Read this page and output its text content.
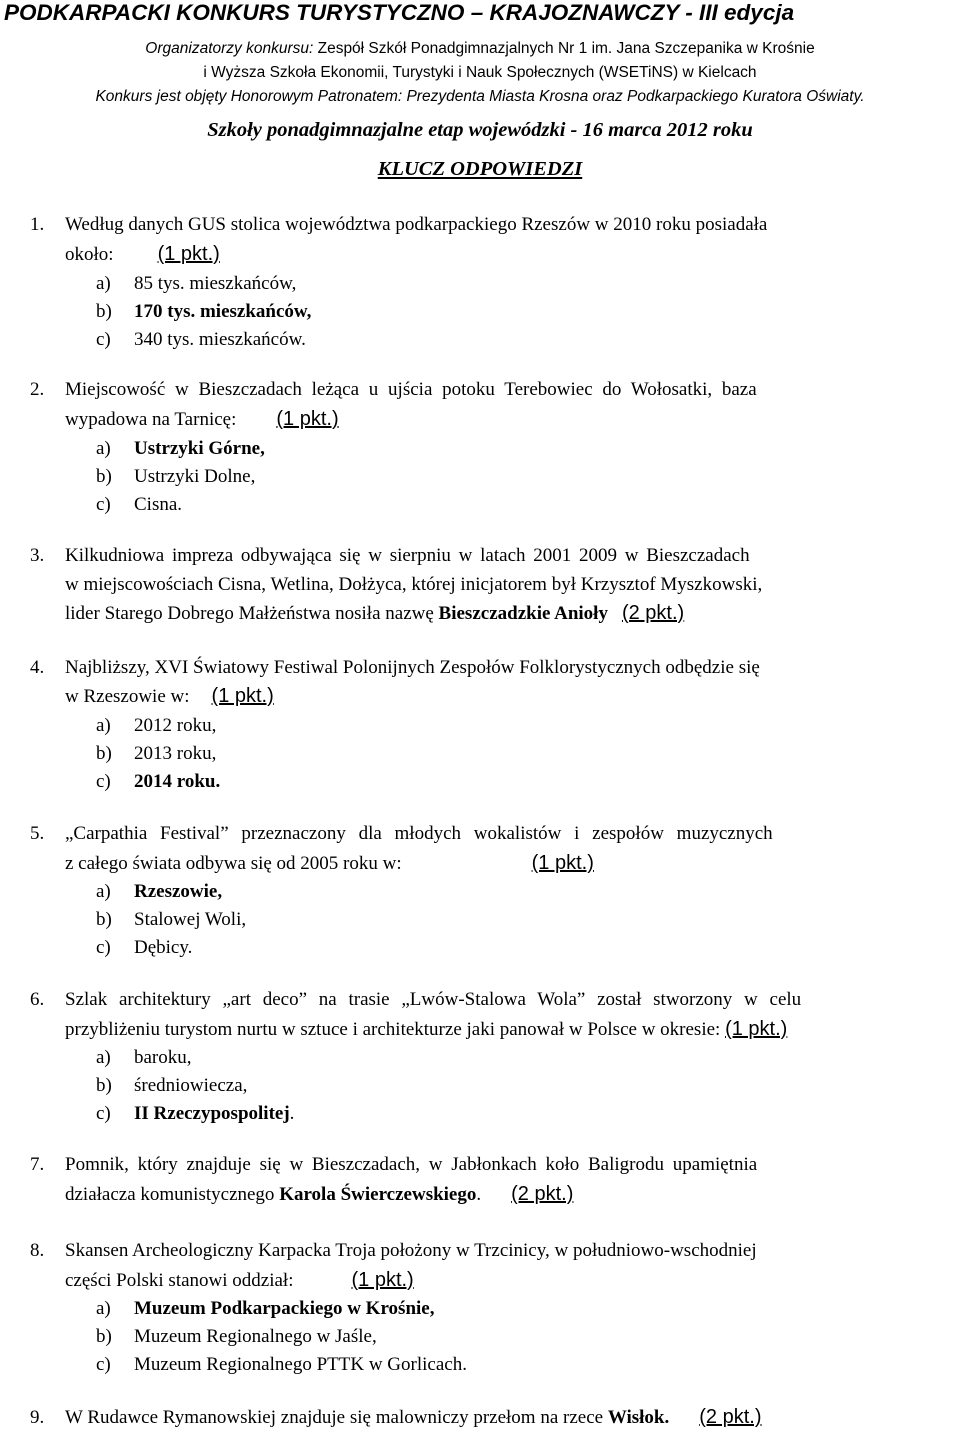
PODKARPACKI KONKURS TURYSTYCZNO – KRAJOZNAWCZY - III edycja
Organizatorzy konkursu: Zespół Szkół Ponadgimnazjalnych Nr 1 im. Jana Szczepanika w Krośnie
i Wyższa Szkoła Ekonomii, Turystyki i Nauk Społecznych (WSETiNS) w Kielcach
Konkurs jest objęty Honorowym Patronatem: Prezydenta Miasta Krosna oraz Podkarpackiego Kuratora Oświaty.
Szkoły ponadgimnazjalne etap wojewódzki - 16 marca 2012 roku
KLUCZ ODPOWIEDZI
1. Według danych GUS stolica województwa podkarpackiego Rzeszów w 2010 roku posiadała
około: (1 pkt.)
a) 85 tys. mieszkańców,
b) 170 tys. mieszkańców,
c) 340 tys. mieszkańców.
2. Miejscowość w Bieszczadach leżąca u ujścia potoku Terebowiec do Wołosatki, baza
wypadowa na Tarnicę: (1 pkt.)
a) Ustrzyki Górne,
b) Ustrzyki Dolne,
c) Cisna.
3. Kilkudniowa impreza odbywająca się w sierpniu w latach 2001 2009 w Bieszczadach
w miejscowościach Cisna, Wetlina, Dołżyca, której inicjatorem był Krzysztof Myszkowski,
lider Starego Dobrego Małżeństwa nosiła nazwę Bieszczadzkie Anioły (2 pkt.)
4. Najbliższy, XVI Światowy Festiwal Polonijnych Zespołów Folklorystycznych odbędzie się
w Rzeszowie w: (1 pkt.)
a) 2012 roku,
b) 2013 roku,
c) 2014 roku.
5. „Carpathia Festival” przeznaczony dla młodych wokalistów i zespołów muzycznych
z całego świata odbywa się od 2005 roku w:	(1 pkt.)
a) Rzeszowie,
b) Stalowej Woli,
c) Dębicy.
6. Szlak architektury „art deco” na trasie „Lwów-Stalowa Wola” został stworzony w celu
przybliżeniu turystom nurtu w sztuce i architekturze jaki panował w Polsce w okresie: (1 pkt.)
a) baroku,
b) średniowiecza,
c) II Rzeczypospolitej.
7. Pomnik, który znajduje się w Bieszczadach, w Jabłonkach koło Baligrodu upamiętnia
działacza komunistycznego Karola Świerczewskiego. (2 pkt.)
8. Skansen Archeologiczny Karpacka Troja położony w Trzcinicy, w południowo-wschodniej
części Polski stanowi oddział:	(1 pkt.)
a) Muzeum Podkarpackiego w Krośnie,
b) Muzeum Regionalnego w Jaśle,
c) Muzeum Regionalnego PTTK w Gorlicach.
9. W Rudawce Rymanowskiej znajduje się malowniczy przełom na rzece Wisłok. (2 pkt.)
